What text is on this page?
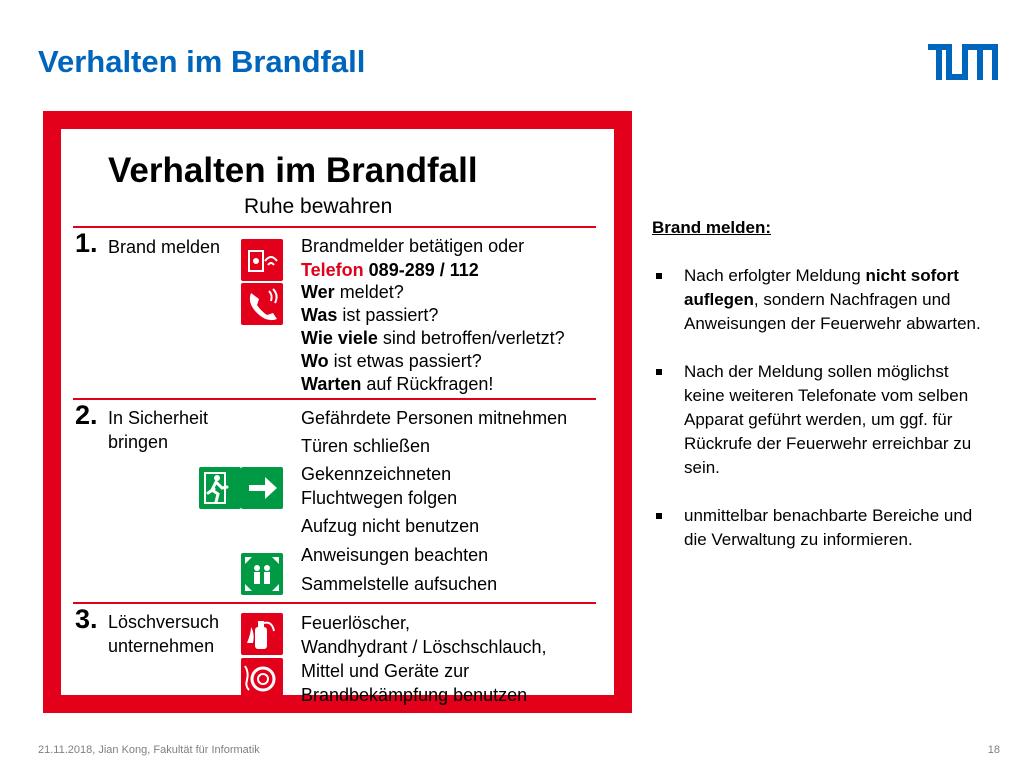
Verhalten im Brandfall
Verhalten im Brandfall
Ruhe bewahren
1. Brand melden
2. In Sicherheit
bringen
3. Löschversuch
unternehmen
Brandmelder betätigen oder
Telefon 089-289 / 112
Wer meldet?
Was ist passiert?
Wie viele sind betroffen/verletzt?
Wo ist etwas passiert?
Warten auf Rückfragen!
Gefährdete Personen mitnehmen
Türen schließen
Gekennzeichneten
Fluchtwegen folgen
Aufzug nicht benutzen
Anweisungen beachten
Sammelstelle aufsuchen
Feuerlöscher,
Wandhydrant / Löschschlauch,
Mittel und Geräte zur
Brandbekämpfung benutzen
Brand melden:
Nach erfolgter Meldung nicht sofort auflegen, sondern Nachfragen und Anweisungen der Feuerwehr abwarten.
Nach der Meldung sollen möglichst keine weiteren Telefonate vom selben Apparat geführt werden, um ggf. für Rückrufe der Feuerwehr erreichbar zu sein.
unmittelbar benachbarte Bereiche und die Verwaltung zu informieren.
21.11.2018, Jian Kong, Fakultät für Informatik	18
